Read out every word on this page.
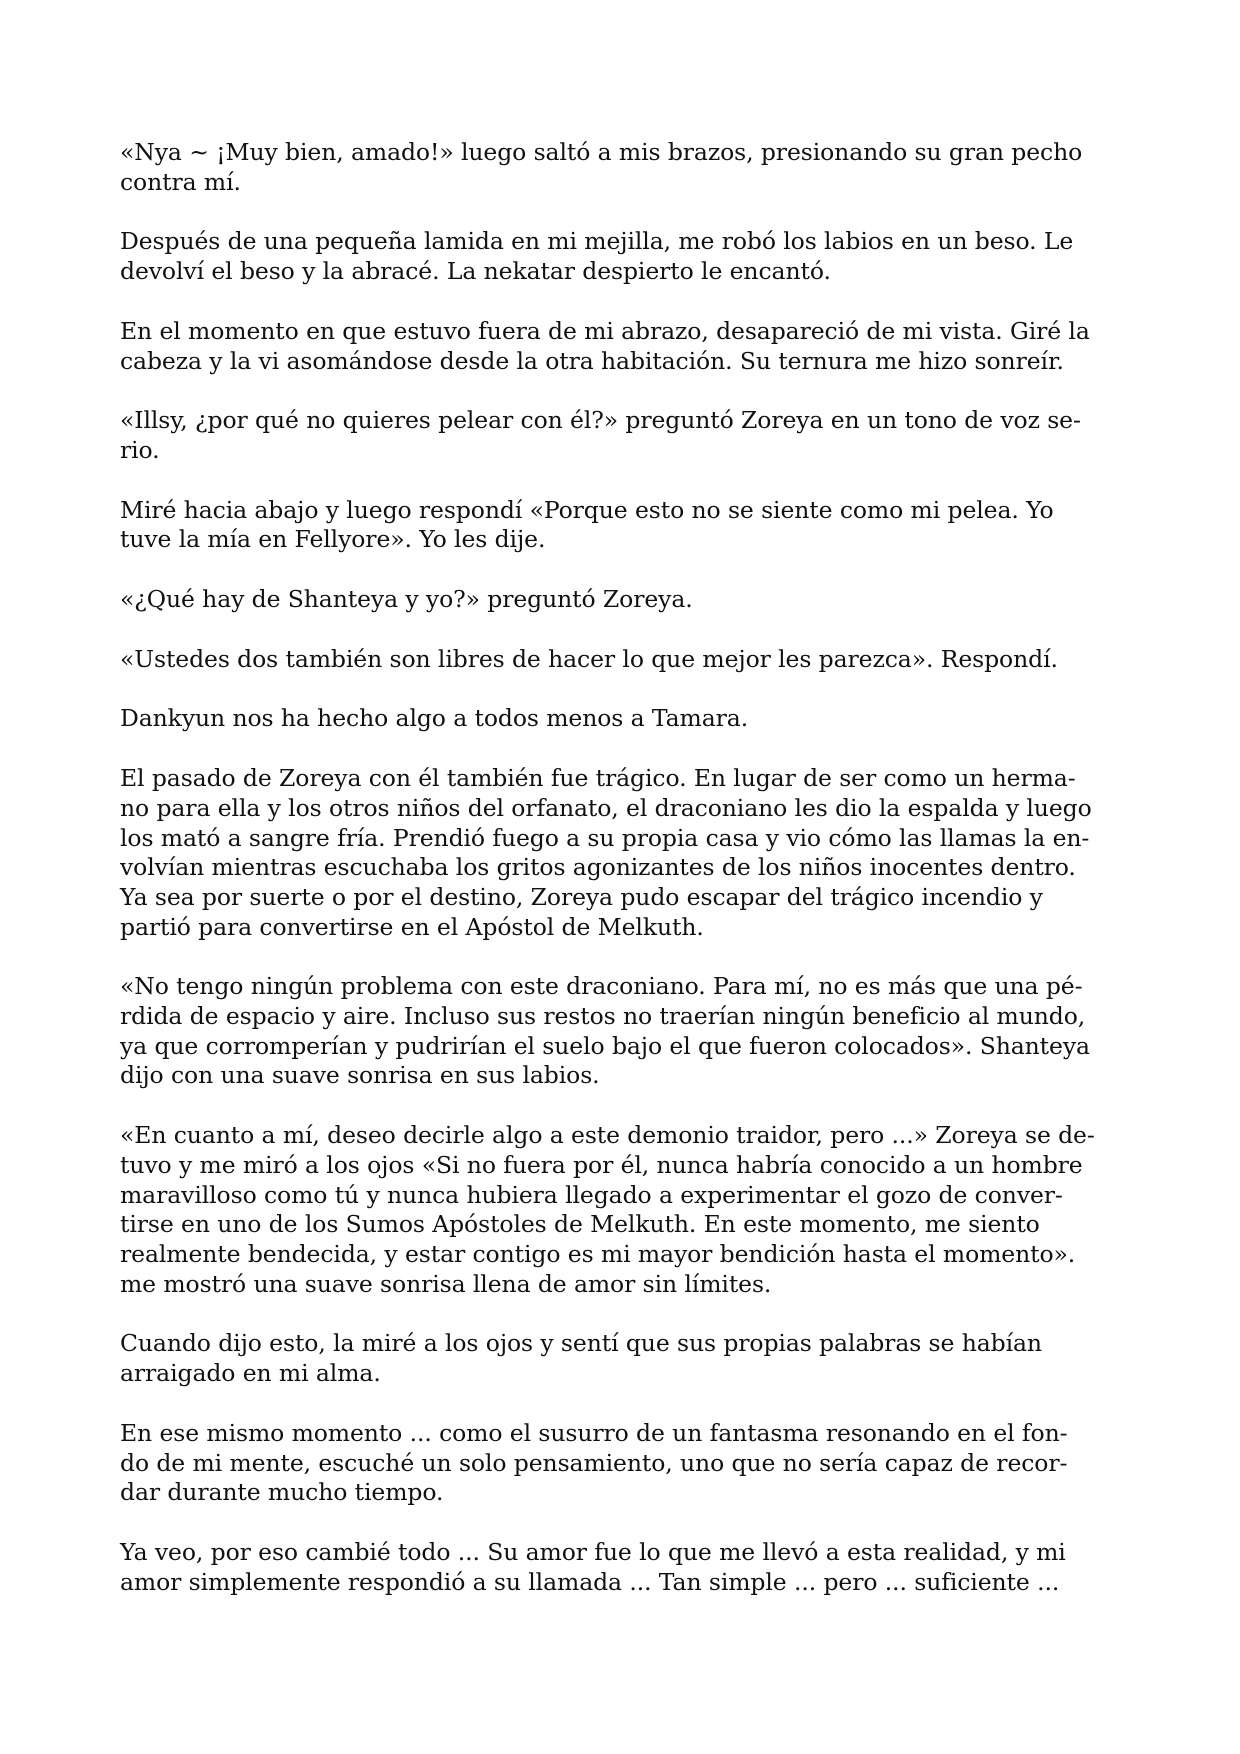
«Nya ~ ¡Muy bien, amado!» luego saltó a mis brazos, presionando su gran pecho
contra mí.

Después de una pequeña lamida en mi mejilla, me robó los labios en un beso. Le
devolví el beso y la abracé. La nekatar despierto le encantó.

En el momento en que estuvo fuera de mi abrazo, desapareció de mi vista. Giré la
cabeza y la vi asomándose desde la otra habitación. Su ternura me hizo sonreír.

«Illsy, ¿por qué no quieres pelear con él?» preguntó Zoreya en un tono de voz se-
rio.

Miré hacia abajo y luego respondí «Porque esto no se siente como mi pelea. Yo
tuve la mía en Fellyore». Yo les dije.

«¿Qué hay de Shanteya y yo?» preguntó Zoreya.

«Ustedes dos también son libres de hacer lo que mejor les parezca». Respondí.

Dankyun nos ha hecho algo a todos menos a Tamara.

El pasado de Zoreya con él también fue trágico. En lugar de ser como un herma-
no para ella y los otros niños del orfanato, el draconiano les dio la espalda y luego
los mató a sangre fría. Prendió fuego a su propia casa y vio cómo las llamas la en-
volvían mientras escuchaba los gritos agonizantes de los niños inocentes dentro.
Ya sea por suerte o por el destino, Zoreya pudo escapar del trágico incendio y
partió para convertirse en el Apóstol de Melkuth.

«No tengo ningún problema con este draconiano. Para mí, no es más que una pé-
rdida de espacio y aire. Incluso sus restos no traerían ningún beneficio al mundo,
ya que corromperían y pudrirían el suelo bajo el que fueron colocados». Shanteya
dijo con una suave sonrisa en sus labios.

«En cuanto a mí, deseo decirle algo a este demonio traidor, pero ...» Zoreya se de-
tuvo y me miró a los ojos «Si no fuera por él, nunca habría conocido a un hombre
maravilloso como tú y nunca hubiera llegado a experimentar el gozo de conver-
tirse en uno de los Sumos Apóstoles de Melkuth. En este momento, me siento
realmente bendecida, y estar contigo es mi mayor bendición hasta el momento».
me mostró una suave sonrisa llena de amor sin límites.

Cuando dijo esto, la miré a los ojos y sentí que sus propias palabras se habían
arraigado en mi alma.

En ese mismo momento ... como el susurro de un fantasma resonando en el fon-
do de mi mente, escuché un solo pensamiento, uno que no sería capaz de recor-
dar durante mucho tiempo.

Ya veo, por eso cambié todo ... Su amor fue lo que me llevó a esta realidad, y mi
amor simplemente respondió a su llamada ... Tan simple ... pero ... suficiente ...
